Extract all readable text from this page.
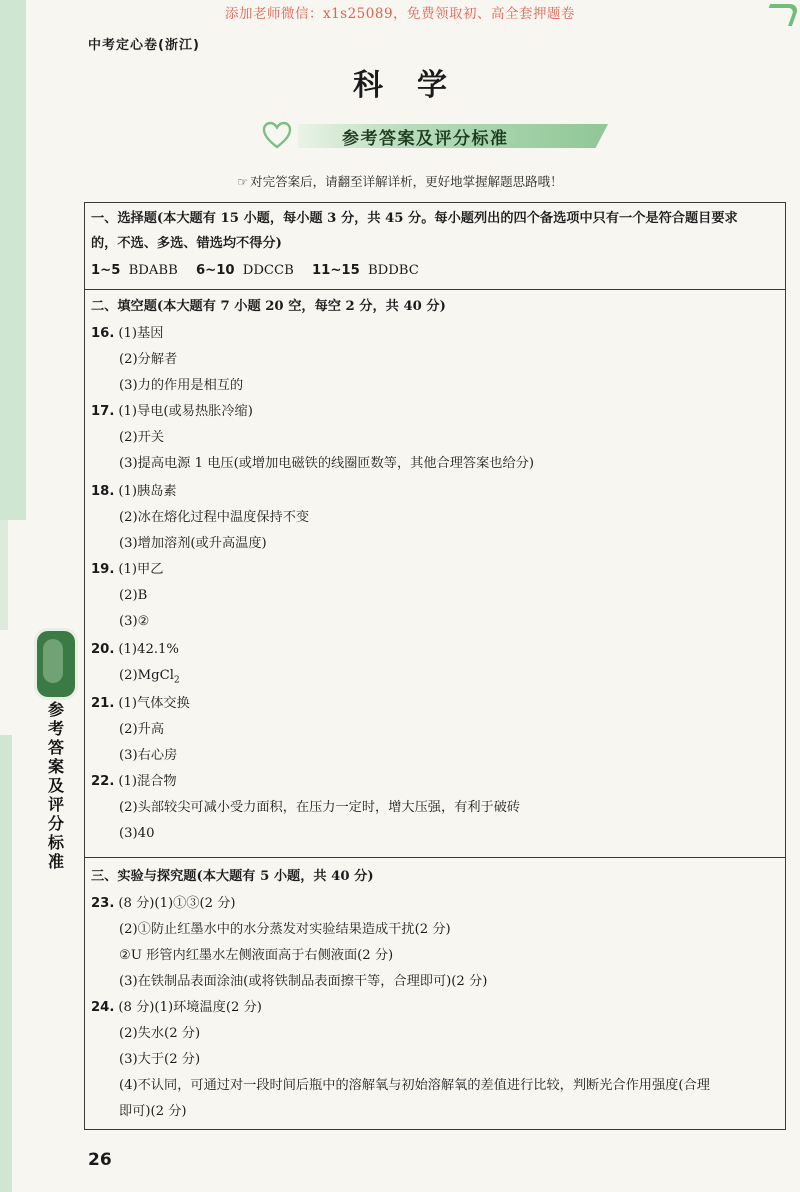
参
考
答
案
及
评
分
标
准
添加老师微信：x1s25089，免费领取初、高全套押题卷
中考定心卷(浙江)
科学
参考答案及评分标准
☞ 对完答案后，请翻至详解详析，更好地掌握解题思路哦！
一、选择题(本大题有 15 小题，每小题 3 分，共 45 分。每小题列出的四个备选项中只有一个是符合题目要求
的，不选、多选、错选均不得分)
1~5 BDABB 6~10 DDCCB 11~15 BDDBC
二、填空题(本大题有 7 小题 20 空，每空 2 分，共 40 分)
16. (1)基因
(2)分解者
(3)力的作用是相互的
17. (1)导电(或易热胀冷缩)
(2)开关
(3)提高电源 1 电压(或增加电磁铁的线圈匝数等，其他合理答案也给分)
18. (1)胰岛素
(2)冰在熔化过程中温度保持不变
(3)增加溶剂(或升高温度)
19. (1)甲乙
(2)B
(3)②
20. (1)42.1%
(2)MgCl$_2$
21. (1)气体交换
(2)升高
(3)右心房
22. (1)混合物
(2)头部较尖可减小受力面积，在压力一定时，增大压强，有利于破砖
(3)40
三、实验与探究题(本大题有 5 小题，共 40 分)
23. (8 分)(1)①③(2 分)
(2)①防止红墨水中的水分蒸发对实验结果造成干扰(2 分)
②U 形管内红墨水左侧液面高于右侧液面(2 分)
(3)在铁制品表面涂油(或将铁制品表面擦干等，合理即可)(2 分)
24. (8 分)(1)环境温度(2 分)
(2)失水(2 分)
(3)大于(2 分)
(4)不认同，可通过对一段时间后瓶中的溶解氧与初始溶解氧的差值进行比较，判断光合作用强度(合理
即可)(2 分)
26
